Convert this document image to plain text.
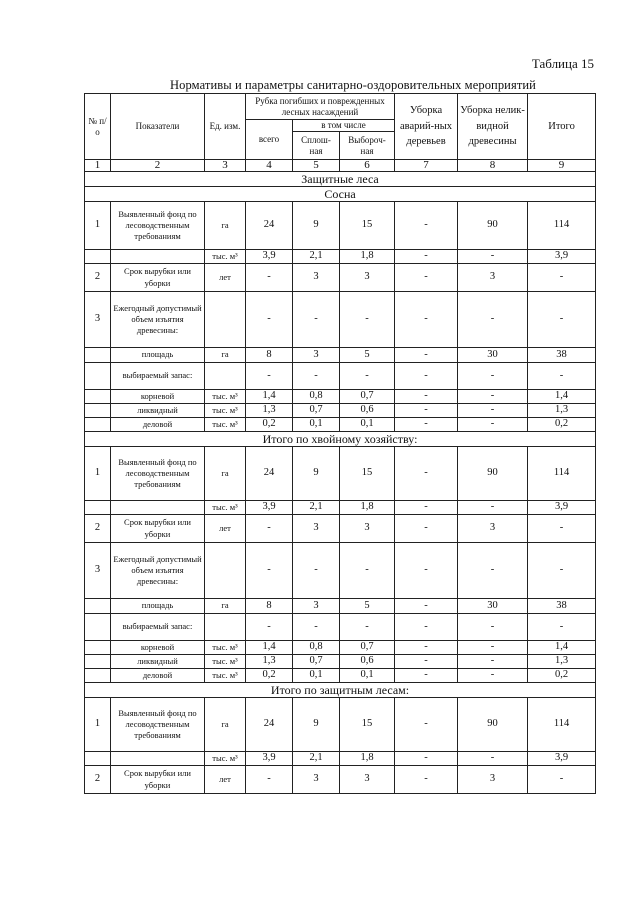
Таблица 15
Нормативы и параметры санитарно-оздоровительных мероприятий
№ п/о	Показатели	Ед. изм.	Рубка погибших и поврежденных лесных насаждений			Уборка аварий-ных деревьев	Уборка нелик-видной древесины	Итого
			всего	в том числе				
				Сплош-ная	Выбороч-ная			
1	2	3	4	5	6	7	8	9
Защитные леса								
Сосна								
1	Выявленный фонд по лесоводственным требованиям	га	24	9	15	-	90	114
		тыс. м³	3,9	2,1	1,8	-	-	3,9
2	Срок вырубки или уборки	лет	-	3	3	-	3	-
3	Ежегодный допустимый объем изъятия древесины:		-	-	-	-	-	-
	площадь	га	8	3	5	-	30	38
	выбираемый запас:		-	-	-	-	-	-
	корневой	тыс. м³	1,4	0,8	0,7	-	-	1,4
	ликвидный	тыс. м³	1,3	0,7	0,6	-	-	1,3
	деловой	тыс. м³	0,2	0,1	0,1	-	-	0,2
Итого по хвойному хозяйству:								
1	Выявленный фонд по лесоводственным требованиям	га	24	9	15	-	90	114
		тыс. м³	3,9	2,1	1,8	-	-	3,9
2	Срок вырубки или уборки	лет	-	3	3	-	3	-
3	Ежегодный допустимый объем изъятия древесины:		-	-	-	-	-	-
	площадь	га	8	3	5	-	30	38
	выбираемый запас:		-	-	-	-	-	-
	корневой	тыс. м³	1,4	0,8	0,7	-	-	1,4
	ликвидный	тыс. м³	1,3	0,7	0,6	-	-	1,3
	деловой	тыс. м³	0,2	0,1	0,1	-	-	0,2
Итого по защитным лесам:								
1	Выявленный фонд по лесоводственным требованиям	га	24	9	15	-	90	114
		тыс. м³	3,9	2,1	1,8	-	-	3,9
2	Срок вырубки или уборки	лет	-	3	3	-	3	-
